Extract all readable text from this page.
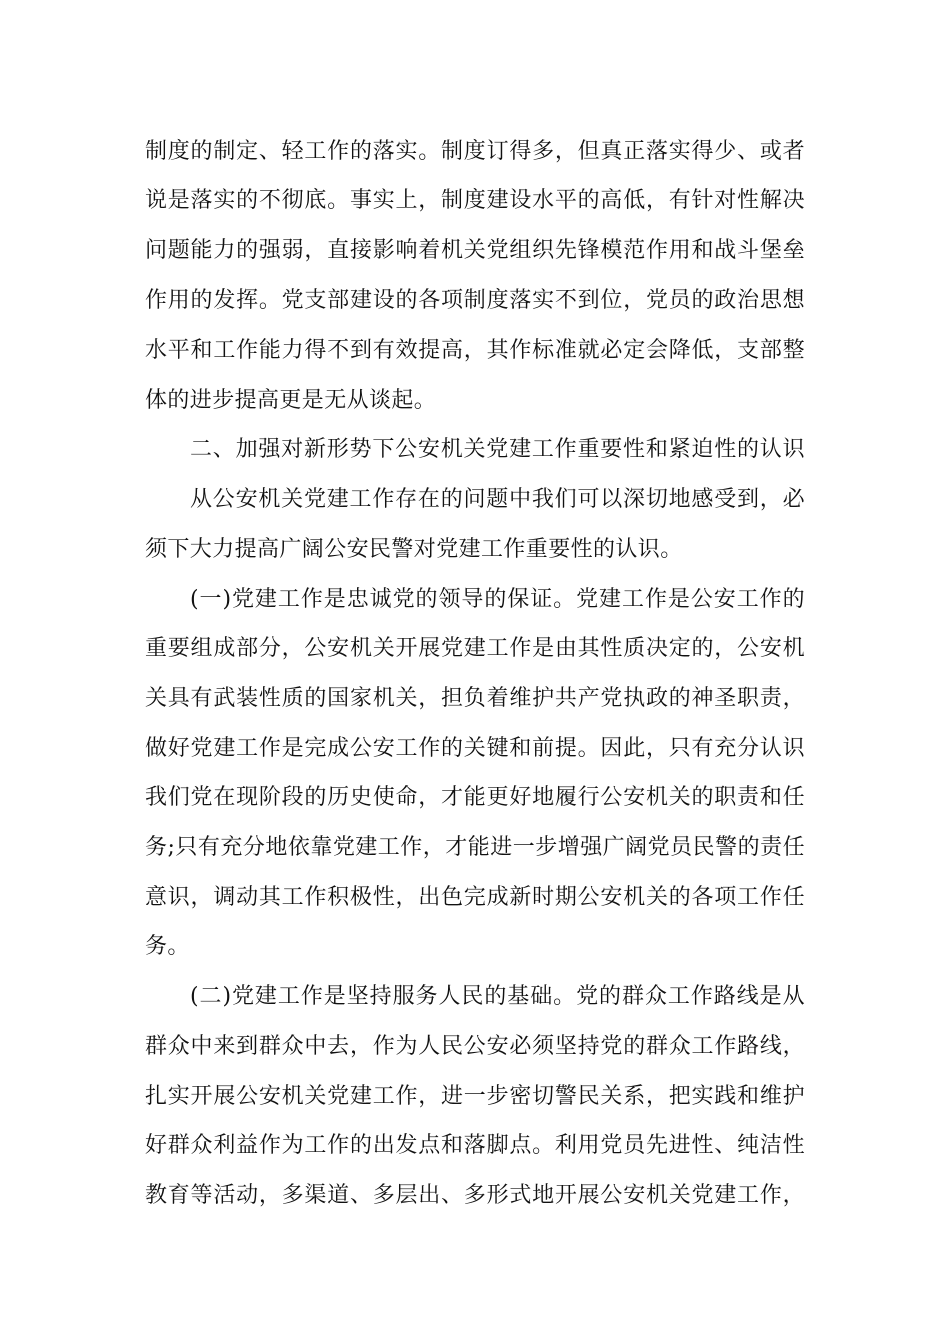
制度的制定、轻工作的落实。制度订得多，但真正落实得少、或者
说是落实的不彻底。事实上，制度建设水平的高低，有针对性解决
问题能力的强弱，直接影响着机关党组织先锋模范作用和战斗堡垒
作用的发挥。党支部建设的各项制度落实不到位，党员的政治思想
水平和工作能力得不到有效提高，其作标准就必定会降低，支部整
体的进步提高更是无从谈起。
二、加强对新形势下公安机关党建工作重要性和紧迫性的认识
从公安机关党建工作存在的问题中我们可以深切地感受到，必
须下大力提高广阔公安民警对党建工作重要性的认识。
(一)党建工作是忠诚党的领导的保证。党建工作是公安工作的
重要组成部分，公安机关开展党建工作是由其性质决定的，公安机
关具有武装性质的国家机关，担负着维护共产党执政的神圣职责，
做好党建工作是完成公安工作的关键和前提。因此，只有充分认识
我们党在现阶段的历史使命，才能更好地履行公安机关的职责和任
务;只有充分地依靠党建工作，才能进一步增强广阔党员民警的责任
意识，调动其工作积极性，出色完成新时期公安机关的各项工作任
务。
(二)党建工作是坚持服务人民的基础。党的群众工作路线是从
群众中来到群众中去，作为人民公安必须坚持党的群众工作路线，
扎实开展公安机关党建工作，进一步密切警民关系，把实践和维护
好群众利益作为工作的出发点和落脚点。利用党员先进性、纯洁性
教育等活动，多渠道、多层出、多形式地开展公安机关党建工作，
